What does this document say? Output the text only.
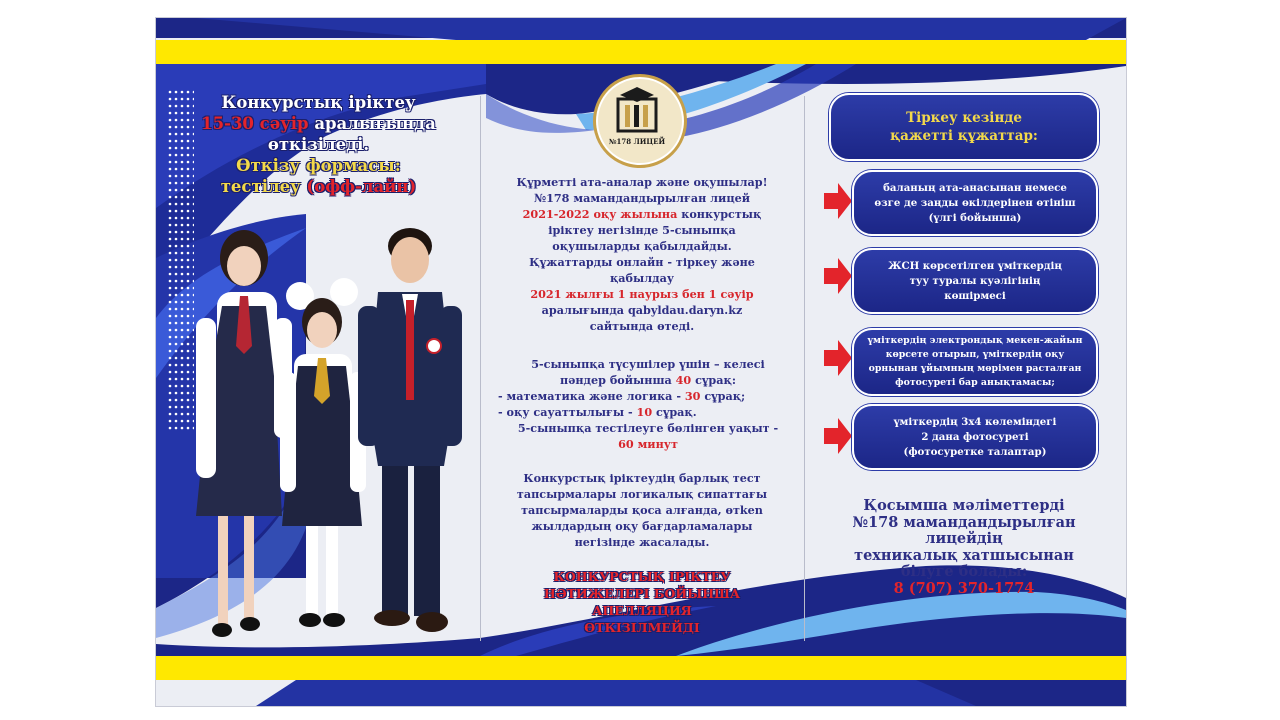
Конкурстық іріктеу
15-30 сәуір аралығында
өткізіледі.
Өткізу формасы:
тестілеу (офф-лайн)
№178 ЛИЦЕЙ
Құрметті ата-аналар және оқушылар!
№178 мамандандырылған лицей
2021-2022 оқу жылына конкурстық
іріктеу негізінде 5-сыныпқа
оқушыларды қабылдайды.
Құжаттарды онлайн - тіркеу және
қабылдау
2021 жылғы 1 наурыз бен 1 сәуір
аралығында qabyldau.daryn.kz
сайтында өтеді.
5-сыныпқа түсушілер үшін – келесі
пәндер бойынша 40 сұрақ:
- математика және логика - 30 сұрақ;
- оқу сауаттылығы - 10 сұрақ.
5-сыныпқа тестілеуге бөлінген уақыт -
60 минут
Конкурстық іріктеудің барлық тест
тапсырмалары логикалық сипаттағы
тапсырмаларды қоса алғанда, өтken
жылдардың оқу бағдарламалары
негізінде жасалады.
КОНКУРСТЫҚ ІРІКТЕУ
НӘТИЖЕЛЕРІ БОЙЫНША
АПЕЛЛЯЦИЯ
ӨТКІЗІЛМЕЙДІ
Тіркеу кезінде
қажетті құжаттар:
баланың ата-анасынан немесе
өзге де заңды өкілдерінен өтініш
(үлгі бойынша)
ЖСН көрсетілген үміткердің
туу туралы куәлігінің
көшірмесі
үміткердің электрондық мекен-жайын
көрсете отырып, үміткердің оқу
орнынан ұйымның мөрімен расталған
фотосуреті бар анықтамасы;
үміткердің 3х4 көлеміндегі
2 дана фотосуреті
(фотосуретке талаптар)
Қосымша мәліметтерді
№178 мамандандырылған
лицейдің
техникалық хатшысынан
білуге болады:
8 (707) 370-1774
